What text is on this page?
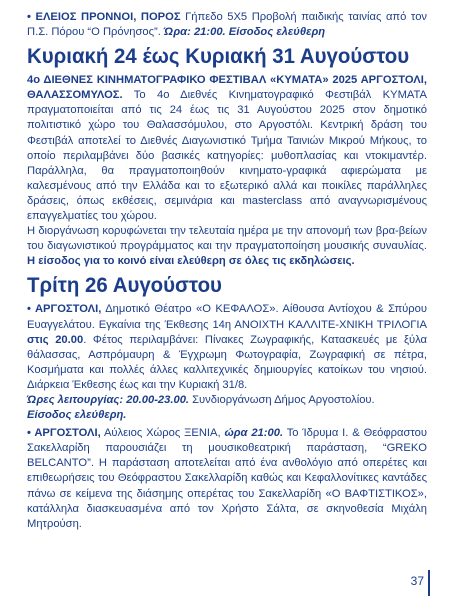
• ΕΛΕΙΟΣ ΠΡΟΝΝΟΙ, ΠΟΡΟΣ Γήπεδο 5Χ5 Προβολή παιδικής ταινίας από τον Π.Σ. Πόρου “Ο Πρόνησος”. Ώρα: 21:00. Είσοδος ελεύθερη

Κυριακή 24 έως Κυριακή 31 Αυγούστου

4ο ΔΙΕΘΝΕΣ ΚΙΝΗΜΑΤΟΓΡΑΦΙΚΟ ΦΕΣΤΙΒΑΛ «ΚΥΜΑΤΑ» 2025 ΑΡΓΟΣΤΟΛΙ, ΘΑΛΑΣΣΟΜΥΛΟΣ. Το 4ο Διεθνές Κινηματογραφικό Φεστιβάλ ΚΥΜΑΤΑ πραγματοποιείται από τις 24 έως τις 31 Αυγούστου 2025 στον δημοτικό πολιτιστικό χώρο του Θαλασσόμυλου, στο Αργοστόλι. Κεντρική δράση του Φεστιβάλ αποτελεί το Διεθνές Διαγωνιστικό Τμήμα Ταινιών Μικρού Μήκους, το οποίο περιλαμβάνει δύο βασικές κατηγορίες: μυθοπλασίας και ντοκιμαντέρ. Παράλληλα, θα πραγματοποιηθούν κινηματο-γραφικά αφιερώματα με καλεσμένους από την Ελλάδα και το εξωτερικό αλλά και ποικίλες παράλληλες δράσεις, όπως εκθέσεις, σεμινάρια και masterclass από αναγνωρισμένους επαγγελματίες του χώρου.

Η διοργάνωση κορυφώνεται την τελευταία ημέρα με την απονομή των βρα-βείων του διαγωνιστικού προγράμματος και την πραγματοποίηση μουσικής συναυλίας. Η είσοδος για το κοινό είναι ελεύθερη σε όλες τις εκδηλώσεις.

Τρίτη 26 Αυγούστου

• ΑΡΓΟΣΤΟΛΙ, Δημοτικό Θέατρο «Ο ΚΕΦΑΛΟΣ». Αίθουσα Αντίοχου & Σπύρου Ευαγγελάτου. Εγκαίνια της Έκθεσης 14η ΑΝΟΙΧΤΗ ΚΑΛΛΙΤΕ-ΧΝΙΚΗ ΤΡΙΛΟΓΙΑ στις 20.00. Φέτος περιλαμβάνει: Πίνακες Ζωγραφικής, Κατασκευές με ξύλα θάλασσας, Ασπρόμαυρη & Έγχρωμη Φωτογραφία, Ζωγραφική σε πέτρα, Κοσμήματα και πολλές άλλες καλλιτεχνικές δημιουργίες κατοίκων του νησιού. Διάρκεια Έκθεσης έως και την Κυριακή 31/8.

Ώρες λειτουργίας: 20.00-23.00. Συνδιοργάνωση Δήμος Αργοστολίου.

Είσοδος ελεύθερη.

• ΑΡΓΟΣΤΟΛΙ, Αύλειος Χώρος ΞΕΝΙΑ, ώρα 21:00. Το Ίδρυμα Ι. & Θεόφραστου Σακελλαρίδη παρουσιάζει τη μουσικοθεατρική παράσταση, “GREKO BELCANTO”. Η παράσταση αποτελείται από ένα ανθολόγιο από οπερέτες και επιθεωρήσεις του Θεόφραστου Σακελλαρίδη καθώς και Κεφαλλονίτικες καντάδες πάνω σε κείμενα της διάσημης οπερέτας του Σακελλαρίδη «Ο ΒΑΦΤΙΣΤΙΚΟΣ», κατάλληλα διασκευασμένα από τον Χρήστο Σάλτα, σε σκηνοθεσία Μιχάλη Μητρούση.

37
